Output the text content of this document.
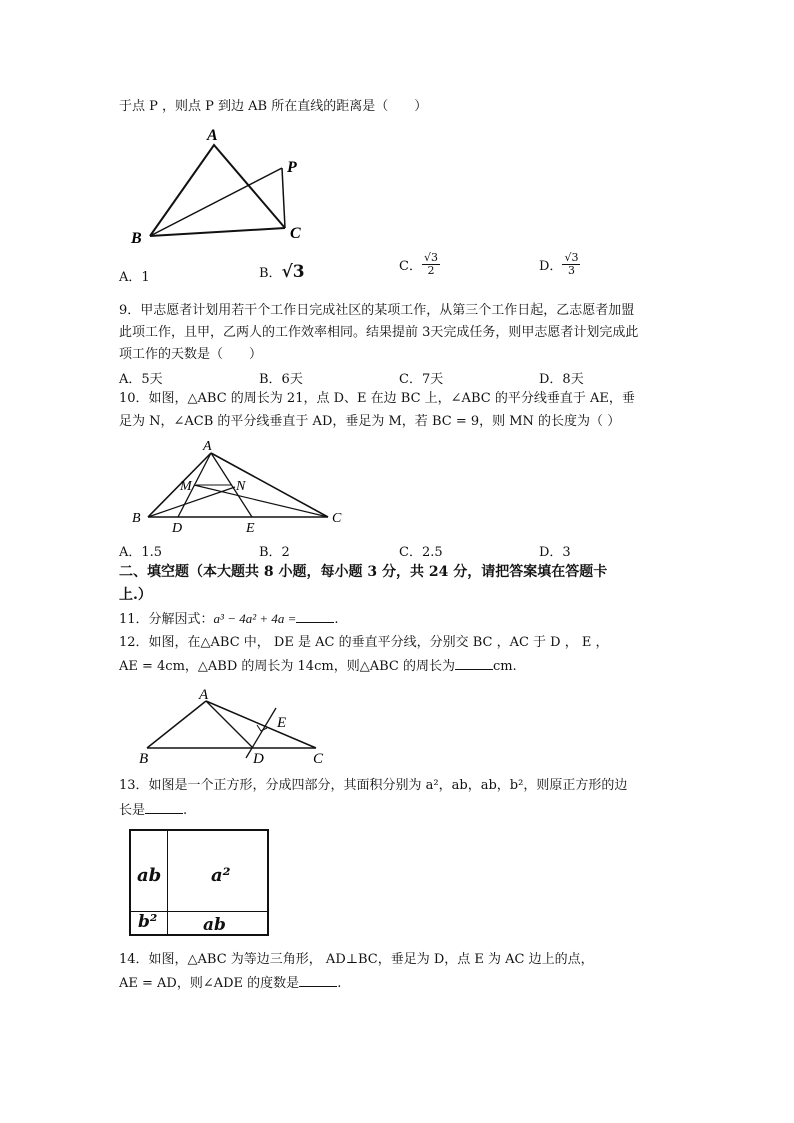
于点 P ，则点 P 到边 AB 所在直线的距离是（　　）
A
B	C
P
A．1	B．√3	C． $\frac{√3}{2}$	D． $\frac{√3}{3}$
9．甲志愿者计划用若干个工作日完成社区的某项工作，从第三个工作日起，乙志愿者加盟
此项工作，且甲，乙两人的工作效率相同。结果提前 3天完成任务，则甲志愿者计划完成此
项工作的天数是（　　）
A．5天	B．6天	C．7天	D．8天
10．如图，△ABC 的周长为 21，点 D、E 在边 BC 上，∠ABC 的平分线垂直于 AE，垂
足为 N，∠ACB 的平分线垂直于 AD，垂足为 M，若 BC = 9，则 MN 的长度为（ ）
A
B	C
D	E
M	N
A．1.5	B．2	C．2.5	D．3
二、填空题（本大题共 8 小题，每小题 3 分，共 24 分，请把答案填在答题卡
上.）
11．分解因式：a³ − 4a² + 4a =	.
12．如图，在△ABC 中， DE 是 AC 的垂直平分线，分别交 BC ，AC 于 D ， E ，
AE = 4cm，△ABD 的周长为 14cm，则△ABC 的周长为	cm.
A
B	C
D
E
13．如图是一个正方形，分成四部分，其面积分别为 a²，ab，ab，b²，则原正方形的边
长是	.
ab	a²
b²	ab
14．如图，△ABC 为等边三角形， AD⊥BC，垂足为 D，点 E 为 AC 边上的点，
AE = AD，则∠ADE 的度数是	.
